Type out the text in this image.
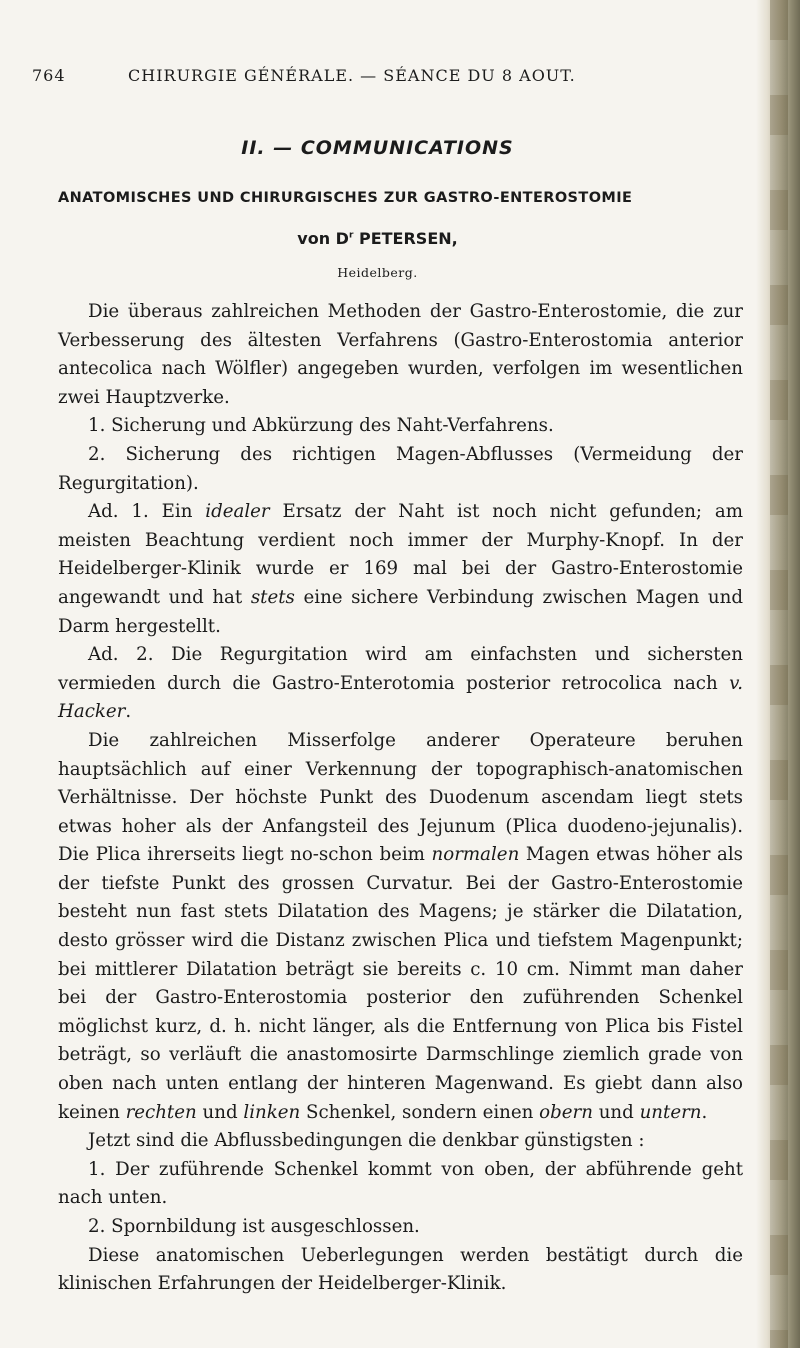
764	CHIRURGIE GÉNÉRALE. — SÉANCE DU 8 AOUT.
II. — COMMUNICATIONS
ANATOMISCHES UND CHIRURGISCHES ZUR GASTRO-ENTEROSTOMIE
von $D^r$ PETERSEN,
Heidelberg.

Die überaus zahlreichen Methoden der Gastro-Enterostomie, die zur Verbesserung des ältesten Verfahrens (Gastro-Enterostomia anterior antecolica nach Wölfler) angegeben wurden, verfolgen im wesentlichen zwei Hauptzverke.

1. Sicherung und Abkürzung des Naht-Verfahrens.

2. Sicherung des richtigen Magen-Abflusses (Vermeidung der Regurgitation).

Ad. 1. Ein idealer Ersatz der Naht ist noch nicht gefunden; am meisten Beachtung verdient noch immer der Murphy-Knopf. In der Heidelberger-Klinik wurde er 169 mal bei der Gastro-Enterostomie angewandt und hat stets eine sichere Verbindung zwischen Magen und Darm hergestellt.

Ad. 2. Die Regurgitation wird am einfachsten und sichersten vermieden durch die Gastro-Enterotomia posterior retrocolica nach v. Hacker.

Die zahlreichen Misserfolge anderer Operateure beruhen hauptsächlich auf einer Verkennung der topographisch-anatomischen Verhältnisse. Der höchste Punkt des Duodenum ascendam liegt stets etwas hoher als der Anfangsteil des Jejunum (Plica duodeno-jejunalis). Die Plica ihrerseits liegt no-schon beim normalen Magen etwas höher als der tiefste Punkt des grossen Curvatur. Bei der Gastro-Enterostomie besteht nun fast stets Dilatation des Magens; je stärker die Dilatation, desto grösser wird die Distanz zwischen Plica und tiefstem Magenpunkt; bei mittlerer Dilatation beträgt sie bereits c. 10 cm. Nimmt man daher bei der Gastro-Enterostomia posterior den zuführenden Schenkel möglichst kurz, d. h. nicht länger, als die Entfernung von Plica bis Fistel beträgt, so verläuft die anastomosirte Darmschlinge ziemlich grade von oben nach unten entlang der hinteren Magenwand. Es giebt dann also keinen rechten und linken Schenkel, sondern einen obern und untern.

Jetzt sind die Abflussbedingungen die denkbar günstigsten :

1. Der zuführende Schenkel kommt von oben, der abführende geht nach unten.

2. Spornbildung ist ausgeschlossen.

Diese anatomischen Ueberlegungen werden bestätigt durch die klinischen Erfahrungen der Heidelberger-Klinik.
